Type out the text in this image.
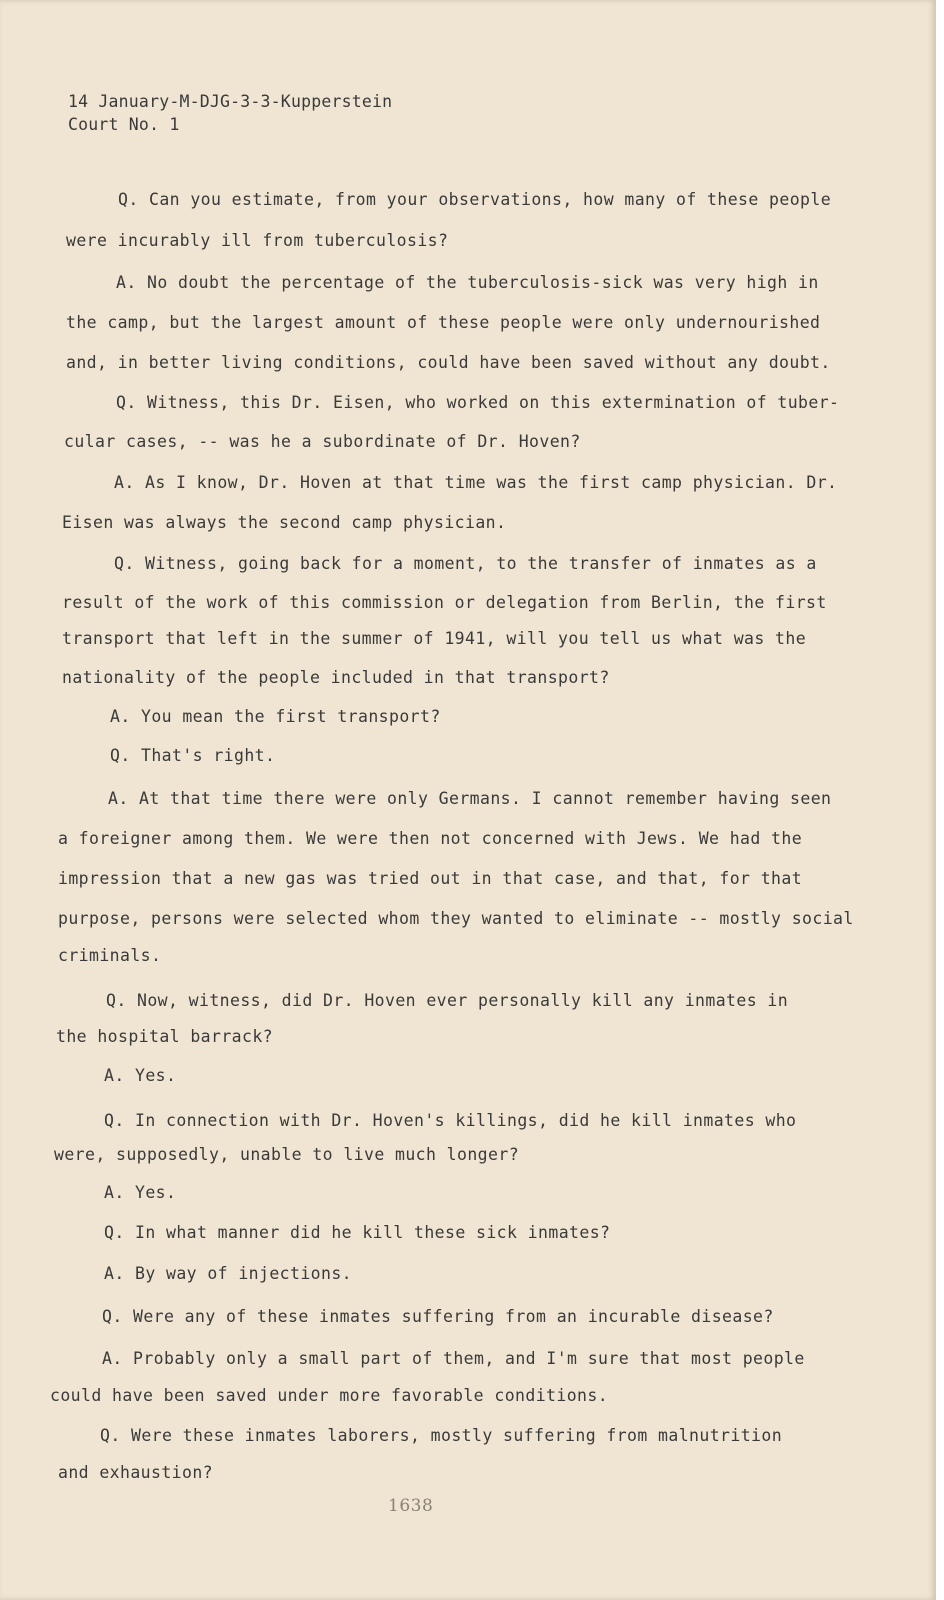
14 January-M-DJG-3-3-Kupperstein
Court No. 1
Q. Can you estimate, from your observations, how many of these people
were incurably ill from tuberculosis?
A. No doubt the percentage of the tuberculosis-sick was very high in
the camp, but the largest amount of these people were only undernourished
and, in better living conditions, could have been saved without any doubt.
Q. Witness, this Dr. Eisen, who worked on this extermination of tuber-
cular cases, -- was he a subordinate of Dr. Hoven?
A. As I know, Dr. Hoven at that time was the first camp physician. Dr.
Eisen was always the second camp physician.
Q. Witness, going back for a moment, to the transfer of inmates as a
result of the work of this commission or delegation from Berlin, the first
transport that left in the summer of 1941, will you tell us what was the
nationality of the people included in that transport?
A. You mean the first transport?
Q. That's right.
A. At that time there were only Germans. I cannot remember having seen
a foreigner among them. We were then not concerned with Jews. We had the
impression that a new gas was tried out in that case, and that, for that
purpose, persons were selected whom they wanted to eliminate -- mostly social
criminals.
Q. Now, witness, did Dr. Hoven ever personally kill any inmates in
the hospital barrack?
A. Yes.
Q. In connection with Dr. Hoven's killings, did he kill inmates who
were, supposedly, unable to live much longer?
A. Yes.
Q. In what manner did he kill these sick inmates?
A. By way of injections.
Q. Were any of these inmates suffering from an incurable disease?
A. Probably only a small part of them, and I'm sure that most people
could have been saved under more favorable conditions.
Q. Were these inmates laborers, mostly suffering from malnutrition
and exhaustion?
1638
